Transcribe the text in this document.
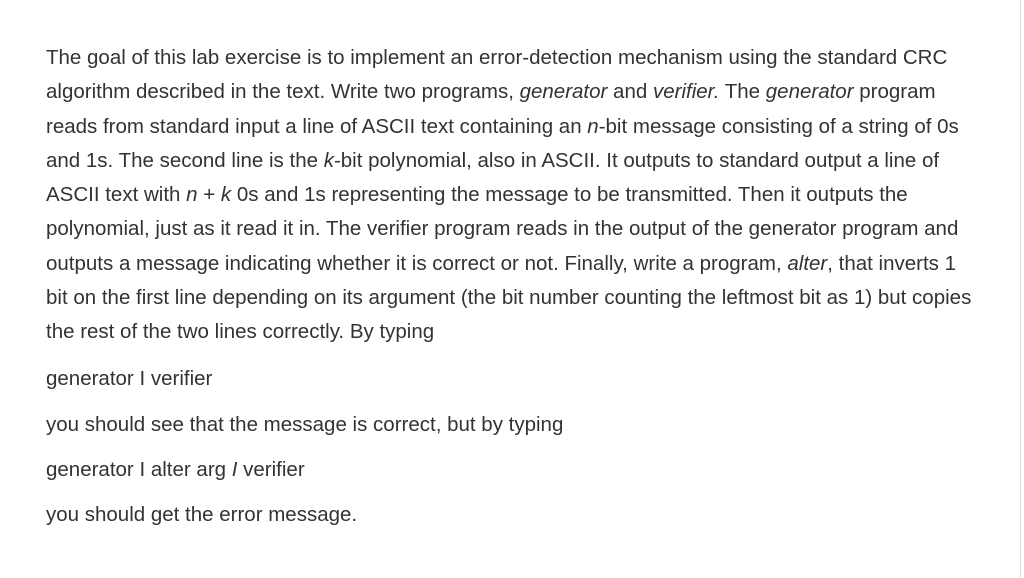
The goal of this lab exercise is to implement an error-detection mechanism using the standard CRC algorithm described in the text. Write two programs, generator and verifier. The generator program reads from standard input a line of ASCII text containing an n-bit message consisting of a string of 0s and 1s. The second line is the k-bit polynomial, also in ASCII. It outputs to standard output a line of ASCII text with n + k 0s and 1s representing the message to be transmitted. Then it outputs the polynomial, just as it read it in. The verifier program reads in the output of the generator program and outputs a message indicating whether it is correct or not. Finally, write a program, alter, that inverts 1 bit on the first line depending on its argument (the bit number counting the leftmost bit as 1) but copies the rest of the two lines correctly. By typing

generator I verifier

you should see that the message is correct, but by typing

generator I alter arg I verifier

you should get the error message.
